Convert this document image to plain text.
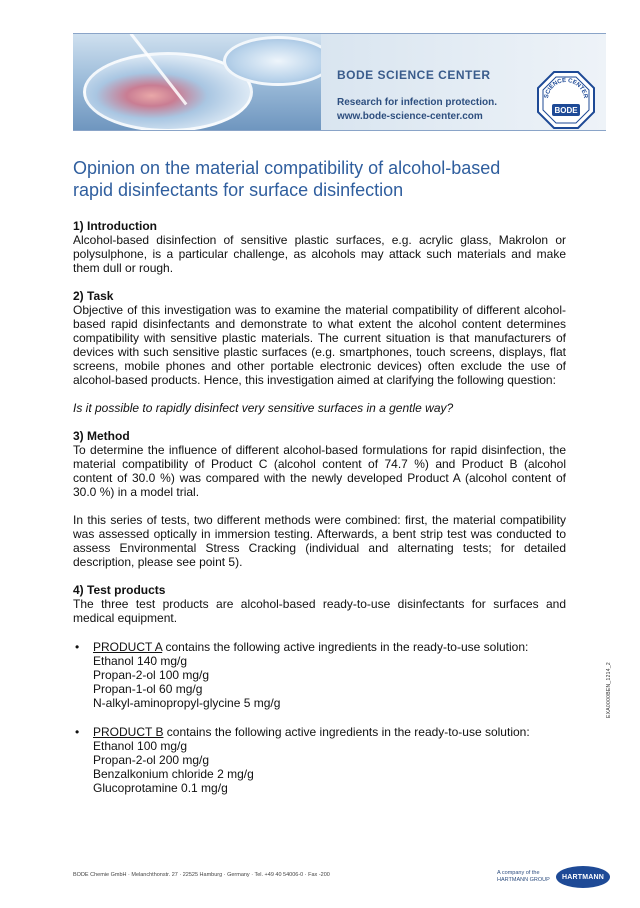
BODE SCIENCE CENTER
Research for infection protection.
www.bode-science-center.com
SCIENCE CENTER
BODE
Opinion on the material compatibility of alcohol-based
rapid disinfectants for surface disinfection
1) Introduction
Alcohol-based disinfection of sensitive plastic surfaces, e.g. acrylic glass, Makrolon or polysulphone, is a particular challenge, as alcohols may attack such materials and make them dull or rough.
2) Task
Objective of this investigation was to examine the material compatibility of different alcohol-based rapid disinfectants and demonstrate to what extent the alcohol content determines compatibility with sensitive plastic materials. The current situation is that manufacturers of devices with such sensitive plastic surfaces (e.g. smartphones, touch screens, displays, flat screens, mobile phones and other portable electronic devices) often exclude the use of alcohol-based products. Hence, this investigation aimed at clarifying the following question:
Is it possible to rapidly disinfect very sensitive surfaces in a gentle way?
3) Method
To determine the influence of different alcohol-based formulations for rapid disinfection, the material compatibility of Product C (alcohol content of 74.7 %) and Product B (alcohol content of 30.0 %) was compared with the newly developed Product A (alcohol content of 30.0 %) in a model trial.
In this series of tests, two different methods were combined: first, the material compatibility was assessed optically in immersion testing. Afterwards, a bent strip test was conducted to assess Environmental Stress Cracking (individual and alternating tests; for detailed description, please see point 5).
4) Test products
The three test products are alcohol-based ready-to-use disinfectants for surfaces and medical equipment.
•	PRODUCT A contains the following active ingredients in the ready-to-use solution:
Ethanol 140 mg/g
Propan-2-ol 100 mg/g
Propan-1-ol 60 mg/g
N-alkyl-aminopropyl-glycine 5 mg/g
•	PRODUCT B contains the following active ingredients in the ready-to-use solution:
Ethanol 100 mg/g
Propan-2-ol 200 mg/g
Benzalkonium chloride 2 mg/g
Glucoprotamine 0.1 mg/g
EXA0000BEN_1214_2
BODE Chemie GmbH · Melanchthonstr. 27 · 22525 Hamburg · Germany · Tel. +49 40 54006-0 · Fax -200	A company of the
HARTMANN GROUP	HARTMANN
